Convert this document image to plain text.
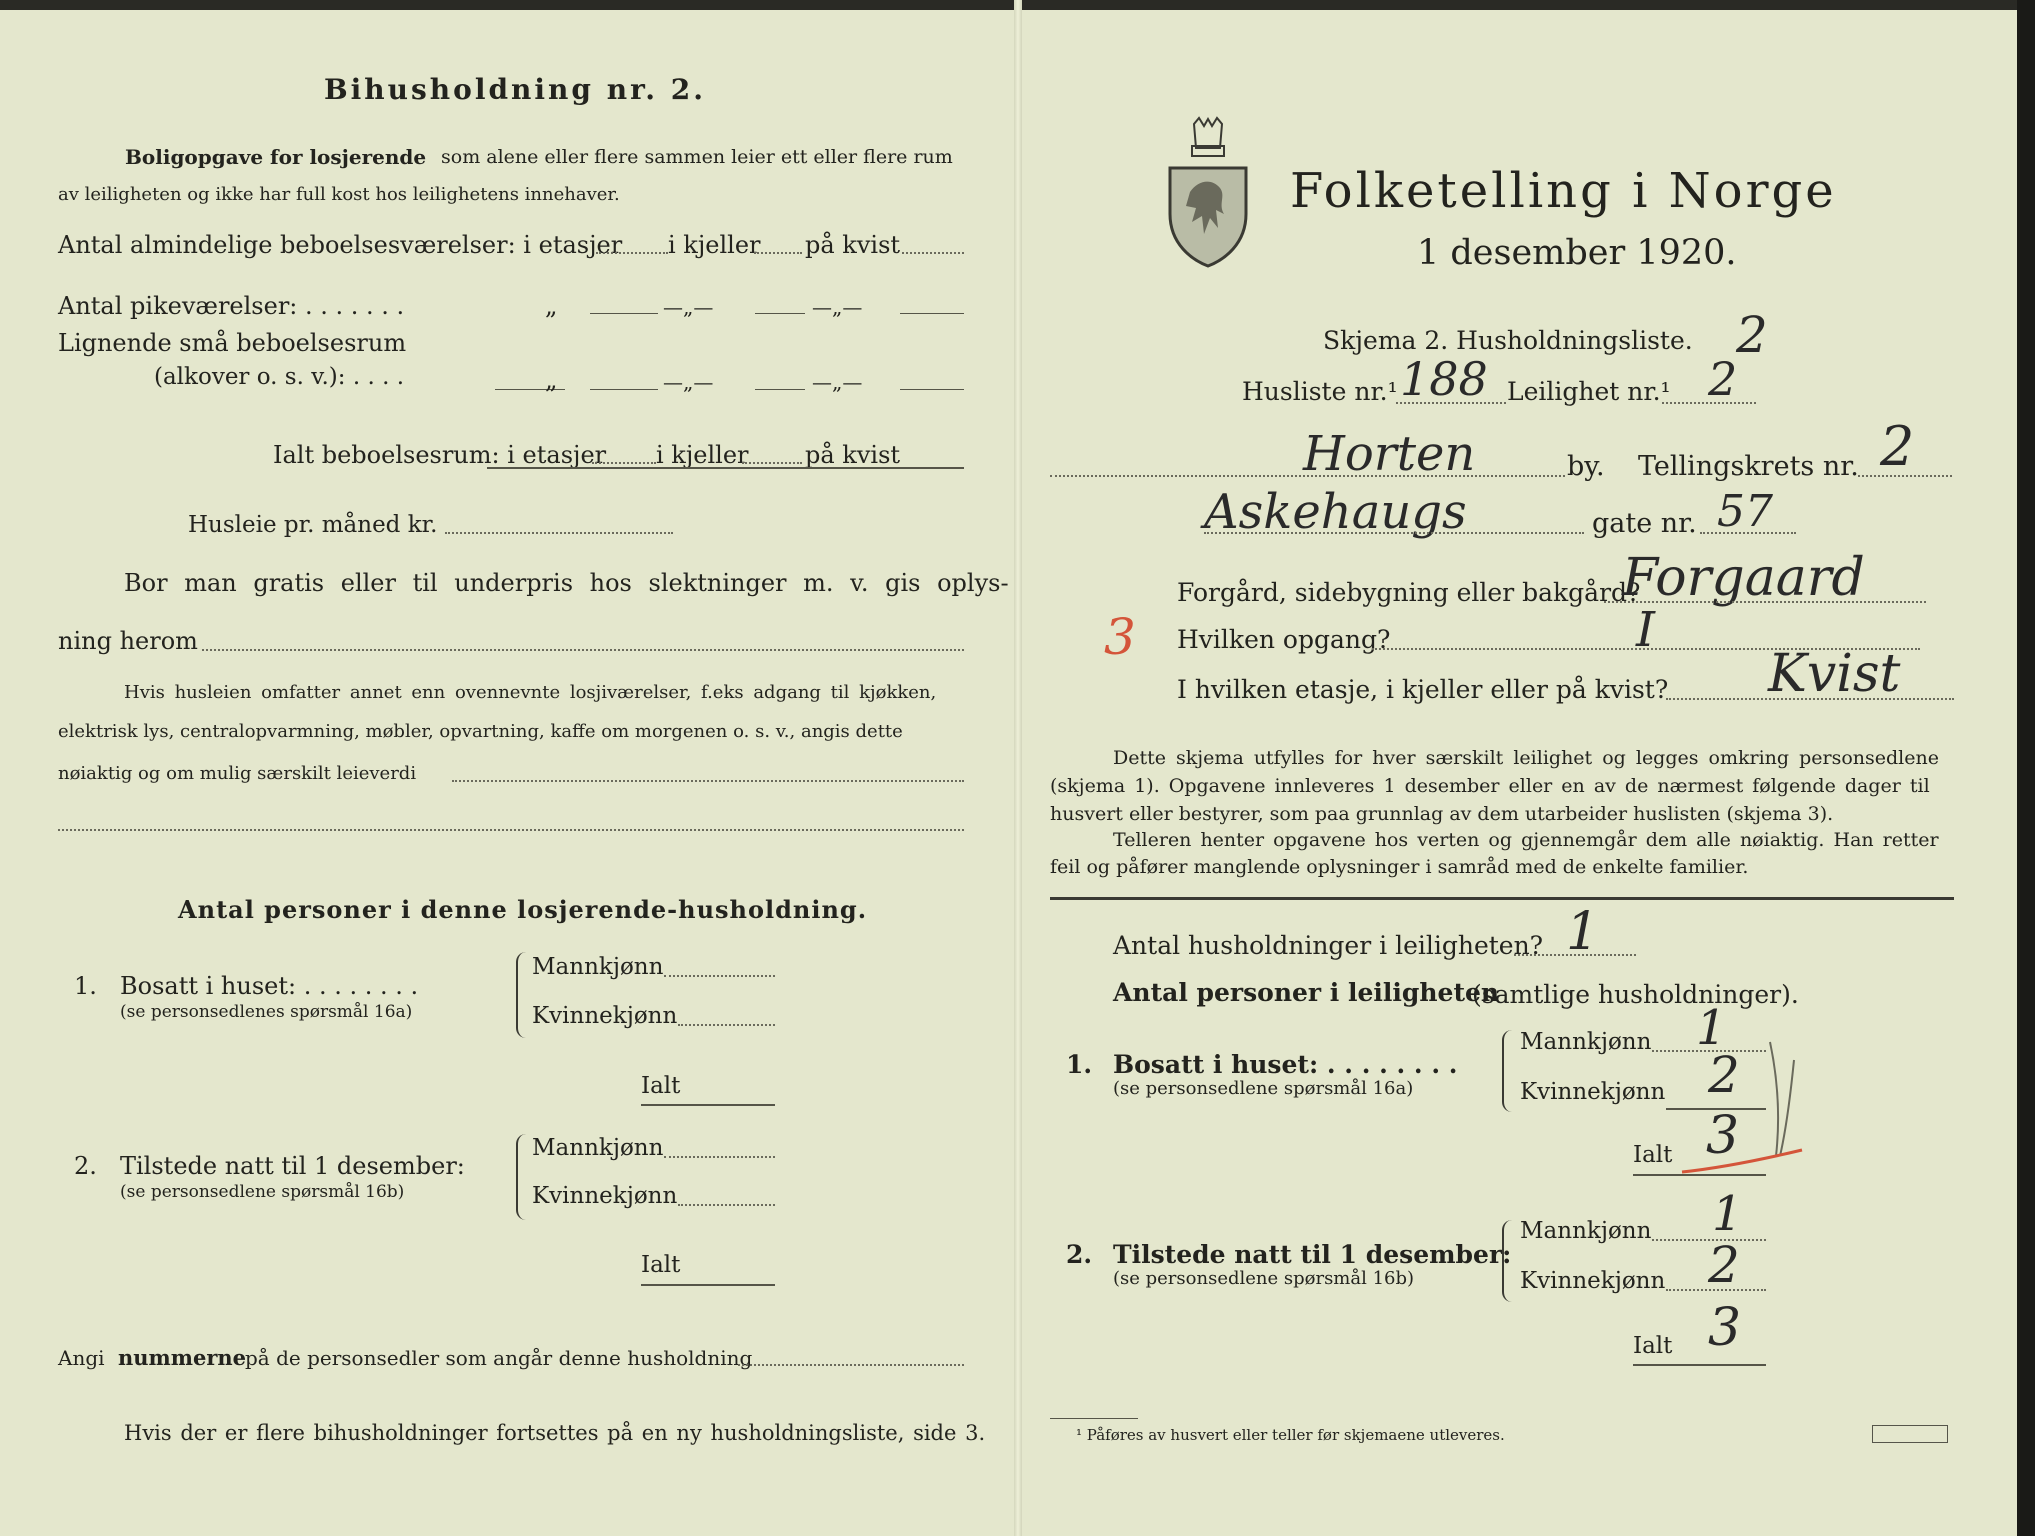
Bihusholdning nr. 2.
Boligopgave for losjerende som alene eller flere sammen leier ett eller flere rum
av leiligheten og ikke har full kost hos leilighetens innehaver.
Antal almindelige beboelsesværelser: i etasjer i kjeller på kvist
Antal pikeværelser: . . . . . . .	„	—„—	—„—
Lignende små beboelsesrum
(alkover o. s. v.): . . . .	„	—„—	—„—
Ialt beboelsesrum: i etasjer i kjeller på kvist
Husleie pr. måned kr.
Bor man gratis eller til underpris hos slektninger m. v. gis oplys-
ning herom
Hvis husleien omfatter annet enn ovennevnte losjiværelser, f.eks adgang til kjøkken,
elektrisk lys, centralopvarmning, møbler, opvartning, kaffe om morgenen o. s. v., angis dette
nøiaktig og om mulig særskilt leieverdi
Antal personer i denne losjerende-husholdning.
1. Bosatt i huset: . . . . . . . .
(se personsedlenes spørsmål 16a)
Mannkjønn
Kvinnekjønn
Ialt
2. Tilstede natt til 1 desember:
(se personsedlene spørsmål 16b)
Mannkjønn
Kvinnekjønn
Ialt
Angi nummerne
på de personsedler som angår denne husholdning
Hvis der er flere bihusholdninger fortsettes på en ny husholdningsliste, side 3.
Folketelling i Norge
1 desember 1920.
Skjema 2. Husholdningsliste. 2
Husliste nr.¹ 188 Leilighet nr.¹ 2
Horten	by. Tellingskrets nr. 2
Askehaugs	gate nr. 57
Forgård, sidebygning eller bakgård?
Forgaard
3 Hvilken opgang?	I
I hvilken etasje, i kjeller eller på kvist? Kvist
Dette skjema utfylles for hver særskilt leilighet og legges omkring personsedlene
(skjema 1). Opgavene innleveres 1 desember eller en av de nærmest følgende dager til
husvert eller bestyrer, som paa grunnlag av dem utarbeider huslisten (skjema 3).
Telleren henter opgavene hos verten og gjennemgår dem alle nøiaktig. Han retter
feil og påfører manglende oplysninger i samråd med de enkelte familier.
Antal husholdninger i leiligheten? 1
Antal personer i leiligheten
(samtlige husholdninger).
1. Bosatt i huset: . . . . . . . .
(se personsedlene spørsmål 16a)
Mannkjønn 1
Kvinnekjønn 2
Ialt 3
2. Tilstede natt til 1 desember:
(se personsedlene spørsmål 16b)
Mannkjønn 1
Kvinnekjønn 2
Ialt 3
¹ Påføres av husvert eller teller før skjemaene utleveres.
